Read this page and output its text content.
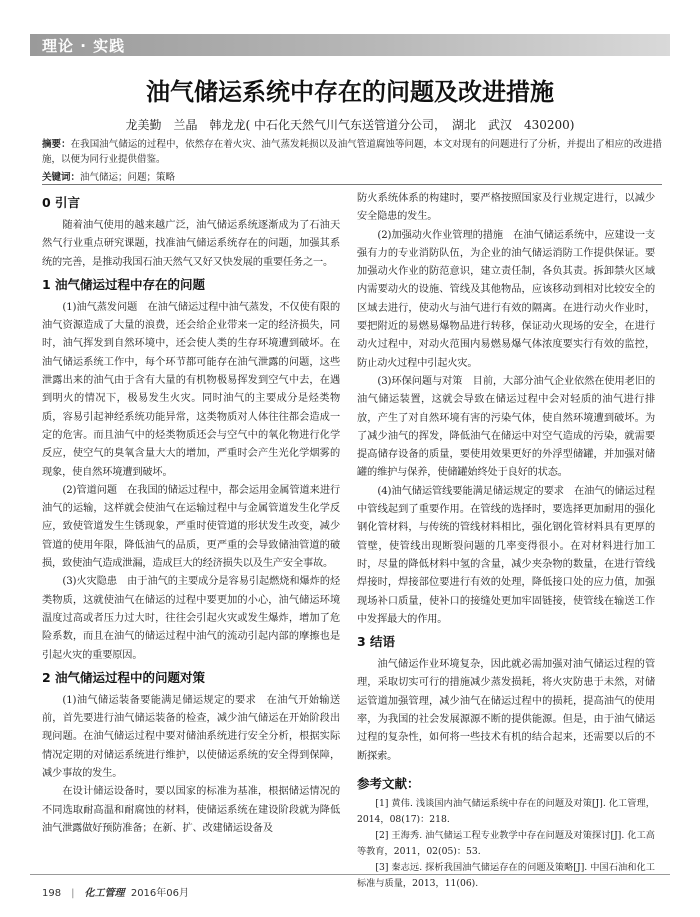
理论 · 实践
油气储运系统中存在的问题及改进措施
龙美勤　兰晶　韩龙龙( 中石化天然气川气东送管道分公司，　湖北　武汉　430200)
摘要：在我国油气储运的过程中，依然存在着火灾、油气蒸发耗损以及油气管道腐蚀等问题，本文对现有的问题进行了分析，并提出了相应的改进措施，以便为同行业提供借鉴。
关键词：油气储运；问题；策略
0 引言

随着油气使用的越来越广泛，油气储运系统逐渐成为了石油天然气行业重点研究课题，找准油气储运系统存在的问题，加强其系统的完善，是推动我国石油天然气又好又快发展的重要任务之一。

1 油气储运过程中存在的问题

(1)油气蒸发问题　在油气储运过程中油气蒸发，不仅使有限的油气资源造成了大量的浪费，还会给企业带来一定的经济损失，同时，油气挥发到自然环境中，还会使人类的生存环境遭到破坏。在油气储运系统工作中，每个环节都可能存在油气泄露的问题，这些泄露出来的油气由于含有大量的有机物极易挥发到空气中去，在遇到明火的情况下，极易发生火灾。同时油气的主要成分是烃类物质，容易引起神经系统功能异常，这类物质对人体往往都会造成一定的危害。而且油气中的烃类物质还会与空气中的氧化物进行化学反应，使空气的臭氧含量大大的增加，严重时会产生光化学烟雾的现象，使自然环境遭到破坏。

(2)管道问题　在我国的储运过程中，都会运用金属管道来进行油气的运输，这样就会使油气在运输过程中与金属管道发生化学反应，致使管道发生生锈现象，严重时使管道的形状发生改变，减少管道的使用年限，降低油气的品质，更严重的会导致储油管道的破损，致使油气造成泄漏，造成巨大的经济损失以及生产安全事故。

(3)火灾隐患　由于油气的主要成分是容易引起燃烧和爆炸的烃类物质，这就使油气在储运的过程中要更加的小心，油气储运环境温度过高或者压力过大时，往往会引起火灾或发生爆炸，增加了危险系数，而且在油气的储运过程中油气的流动引起内部的摩擦也是引起火灾的重要原因。

2 油气储运过程中的问题对策

(1)油气储运装备要能满足储运规定的要求　在油气开始输送前，首先要进行油气储运装备的检查，减少油气储运在开始阶段出现问题。在油气储运过程中要对储油系统进行安全分析，根据实际情况定期的对储运系统进行维护，以使储运系统的安全得到保障，减少事故的发生。

在设计储运设备时，要以国家的标准为基准，根据储运情况的不同选取耐高温和耐腐蚀的材料，使储运系统在建设阶段就为降低油气泄露做好预防准备；在新、扩、改建储运设备及

防火系统体系的构建时，要严格按照国家及行业规定进行，以减少安全隐患的发生。

(2)加强动火作业管理的措施　在油气储运系统中，应建设一支强有力的专业消防队伍，为企业的油气储运消防工作提供保证。要加强动火作业的防范意识，建立责任制，各负其责。拆卸禁火区域内需要动火的设施、管线及其他物品，应该移动到相对比较安全的区域去进行，使动火与油气进行有效的隔离。在进行动火作业时，要把附近的易燃易爆物品进行转移，保证动火现场的安全，在进行动火过程中，对动火范围内易燃易爆气体浓度要实行有效的监控，防止动火过程中引起火灾。

(3)环保问题与对策　目前，大部分油气企业依然在使用老旧的油气储运装置，这就会导致在储运过程中会对轻质的油气进行排放，产生了对自然环境有害的污染气体，使自然环境遭到破坏。为了减少油气的挥发，降低油气在储运中对空气造成的污染，就需要提高储存设备的质量，要使用效果更好的外浮型储罐，并加强对储罐的维护与保养，使储罐始终处于良好的状态。

(4)油气储运管线要能满足储运规定的要求　在油气的储运过程中管线起到了重要作用。在管线的选择时，要选择更加耐用的强化钢化管材料，与传统的管线材料相比，强化钢化管材料具有更厚的管壁，使管线出现断裂问题的几率变得很小。在对材料进行加工时，尽量的降低材料中氢的含量，减少夹杂物的数量，在进行管线焊接时，焊接部位要进行有效的处理，降低接口处的应力值，加强现场补口质量，使补口的接缝处更加牢固链接，使管线在输送工作中发挥最大的作用。

3 结语

油气储运作业环境复杂，因此就必需加强对油气储运过程的管理，采取切实可行的措施减少蒸发损耗，将火灾防患于未然，对储运管道加强管理，减少油气在储运过程中的损耗，提高油气的使用率，为我国的社会发展源源不断的提供能源。但是，由于油气储运过程的复杂性，如何将一些技术有机的结合起来，还需要以后的不断探索。

参考文献：

[1] 黄伟. 浅谈国内油气储运系统中存在的问题及对策[J]. 化工管理，2014，08(17)：218.

[2] 王海秀. 油气储运工程专业教学中存在问题及对策探讨[J]. 化工高等教育，2011，02(05)：53.

[3] 秦志远. 探析我国油气储运存在的问题及策略[J]. 中国石油和化工标准与质量，2013，11(06).

198 | 化工管理 2016年06月
